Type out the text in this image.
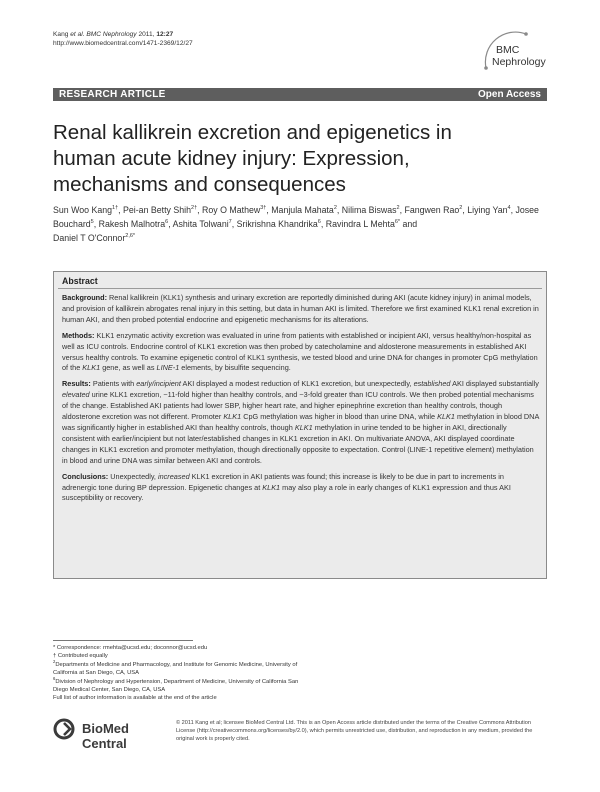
Kang et al. BMC Nephrology 2011, 12:27
http://www.biomedcentral.com/1471-2369/12/27
BMC
Nephrology
RESEARCH ARTICLE	Open Access
Renal kallikrein excretion and epigenetics in
human acute kidney injury: Expression,
mechanisms and consequences
Sun Woo Kang$^{1\dagger}$, Pei-an Betty Shih$^{2\dagger}$, Roy O Mathew$^{3\dagger}$, Manjula Mahata$^2$, Nilima Biswas$^2$, Fangwen Rao$^2$, Liying Yan$^4$, Josee Bouchard$^5$, Rakesh Malhotra$^6$, Ashita Tolwani$^7$, Srikrishna Khandrika$^6$, Ravindra L Mehta$^{6*}$ and
Daniel T O'Connor$^{2,6*}$
Abstract

Background: Renal kallikrein (KLK1) synthesis and urinary excretion are reportedly diminished during AKI (acute kidney injury) in animal models, and provision of kallikrein abrogates renal injury in this setting, but data in human AKI is limited. Therefore we first examined KLK1 renal excretion in human AKI, and then probed potential endocrine and epigenetic mechanisms for its alterations.

Methods: KLK1 enzymatic activity excretion was evaluated in urine from patients with established or incipient AKI, versus healthy/non-hospital as well as ICU controls. Endocrine control of KLK1 excretion was then probed by catecholamine and aldosterone measurements in established AKI versus healthy controls. To examine epigenetic control of KLK1 synthesis, we tested blood and urine DNA for changes in promoter CpG methylation of the KLK1 gene, as well as LINE-1 elements, by bisulfite sequencing.

Results: Patients with early/incipient AKI displayed a modest reduction of KLK1 excretion, but unexpectedly, established AKI displayed substantially elevated urine KLK1 excretion, ~11-fold higher than healthy controls, and ~3-fold greater than ICU controls. We then probed potential mechanisms of the change. Established AKI patients had lower SBP, higher heart rate, and higher epinephrine excretion than healthy controls, though aldosterone excretion was not different. Promoter KLK1 CpG methylation was higher in blood than urine DNA, while KLK1 methylation in blood DNA was significantly higher in established AKI than healthy controls, though KLK1 methylation in urine tended to be higher in AKI, directionally consistent with earlier/incipient but not later/established changes in KLK1 excretion in AKI. On multivariate ANOVA, AKI displayed coordinate changes in KLK1 excretion and promoter methylation, though directionally opposite to expectation. Control (LINE-1 repetitive element) methylation in blood and urine DNA was similar between AKI and controls.

Conclusions: Unexpectedly, increased KLK1 excretion in AKI patients was found; this increase is likely to be due in part to increments in adrenergic tone during BP depression. Epigenetic changes at KLK1 may also play a role in early changes of KLK1 expression and thus AKI susceptibility or recovery.

* Correspondence: rmehta@ucsd.edu; doconnor@ucsd.edu
† Contributed equally
$^2$Departments of Medicine and Pharmacology, and Institute for Genomic Medicine, University of California at San Diego, CA, USA
$^6$Division of Nephrology and Hypertension, Department of Medicine, University of California San Diego Medical Center, San Diego, CA, USA
Full list of author information is available at the end of the article
BioMed Central
© 2011 Kang et al; licensee BioMed Central Ltd. This is an Open Access article distributed under the terms of the Creative Commons Attribution License (http://creativecommons.org/licenses/by/2.0), which permits unrestricted use, distribution, and reproduction in any medium, provided the original work is properly cited.
